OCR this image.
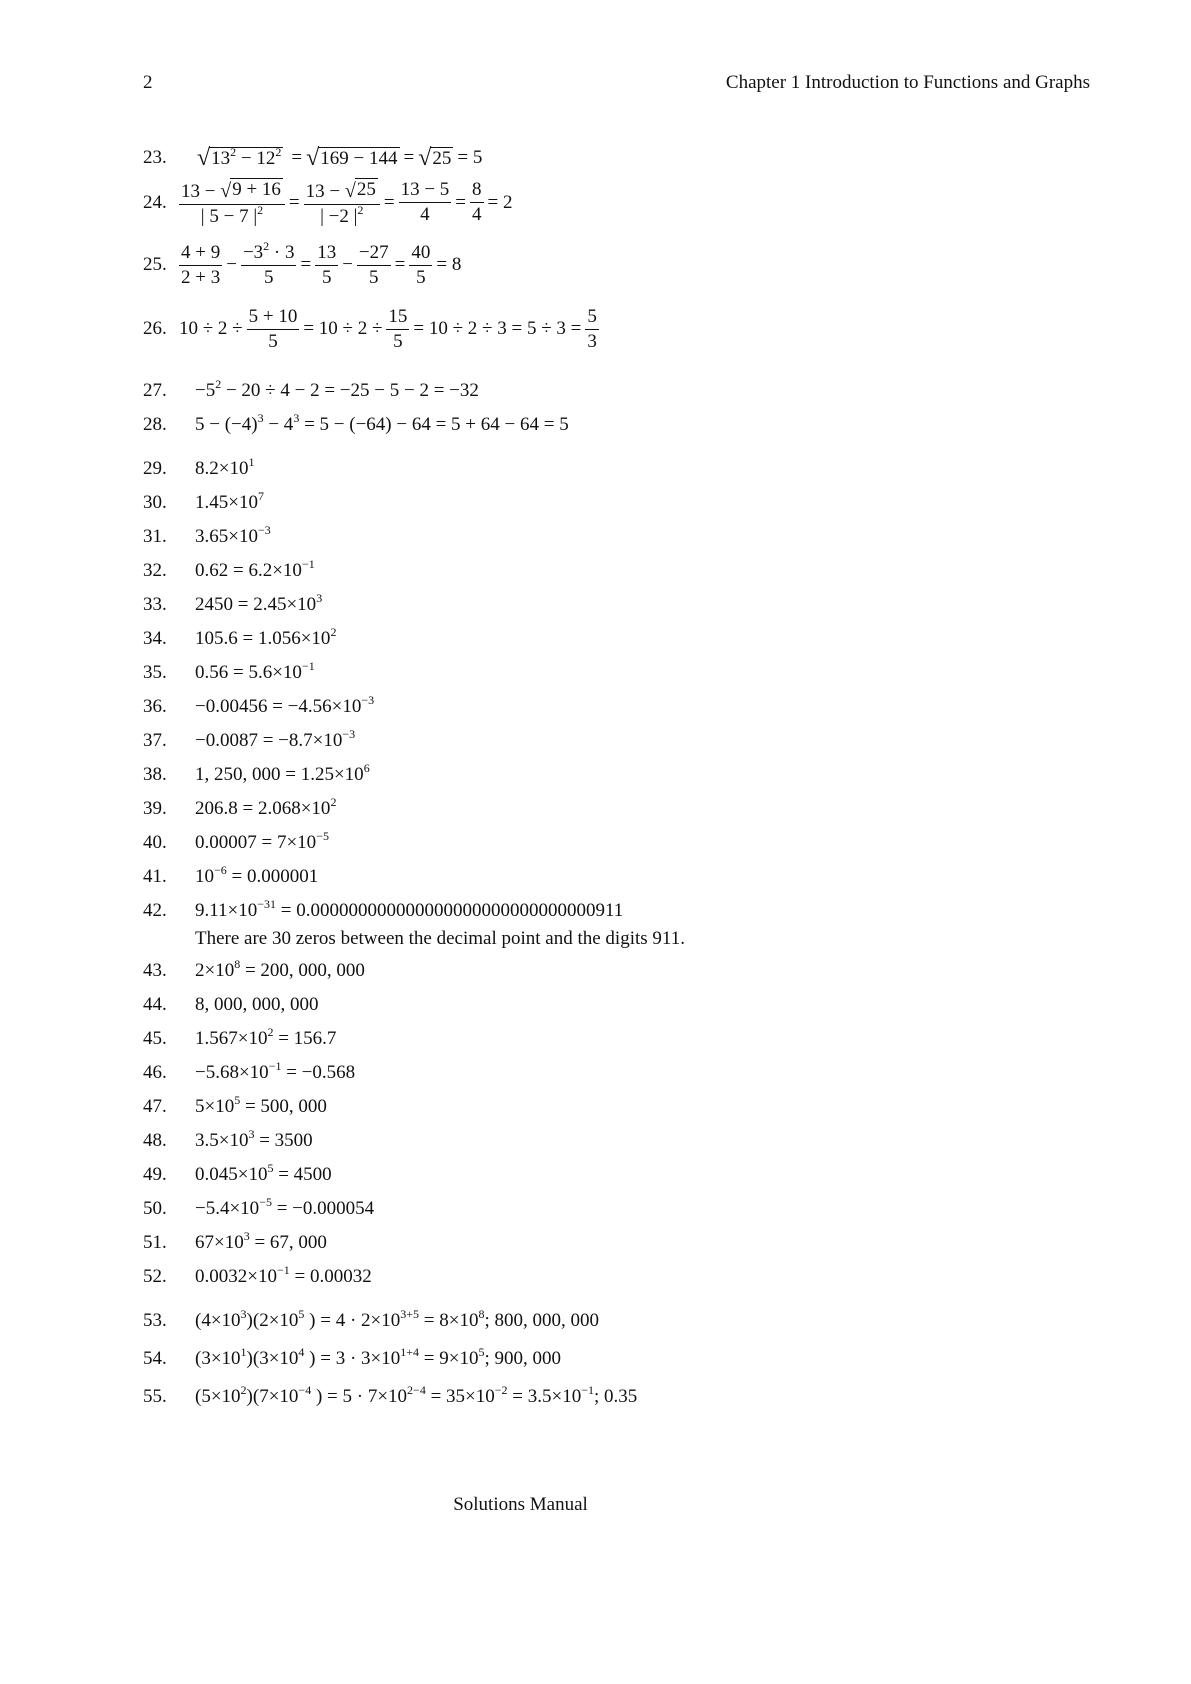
2	Chapter 1 Introduction to Functions and Graphs
23.	√ $13^2 - 12^2$ = √ 169 − 144 = √ 25 = 5
24. $\frac{13 - √ 9 + 16}{| 5 - 7 |^2} = \frac{13 - √ 25}{| -2 |^2} = \frac{13 - 5}{4} = \frac{8}{4} = 2$
25. $\frac{4 + 9}{2 + 3} - \frac{-3^2 \cdot 3}{5} = \frac{13}{5} - \frac{-27}{5} = \frac{40}{5} = 8$
26. $10 \div 2 \div \frac{5 + 10}{5} = 10 \div 2 \div \frac{15}{5} = 10 \div 2 \div 3 = 5 \div 3 = \frac{5}{3}$
27.	$-5^2 - 20 \div 4 - 2 = -25 - 5 - 2 = -32$
28.	$5 - (-4)^3 - 4^3 = 5 - (-64) - 64 = 5 + 64 - 64 = 5$
29.	$8.2\times 10^1$
30.	$1.45\times 10^7$
31.	$3.65\times 10^{-3}$
32.	$0.62 = 6.2\times 10^{-1}$
33.	$2450 = 2.45\times 10^3$
34.	$105.6 = 1.056\times 10^2$
35.	$0.56 = 5.6\times 10^{-1}$
36.	$-0.00456 = -4.56\times 10^{-3}$
37.	$-0.0087 = -8.7\times 10^{-3}$
38.	1, 250, $000 = 1.25\times 10^6$
39.	$206.8 = 2.068\times 10^2$
40.	$0.00007 = 7\times 10^{-5}$
41.	$10^{-6} = 0.000001$
42.	$9.11\times 10^{-31} = 0.000000000000000000000000000000911$
43.	$2\times 10^8 = 200$, 000, 000
44.	8, 000, 000, 000
45.	$1.567\times 10^2 = 156.7$
46.	$-5.68\times 10^{-1} = -0.568$
47.	$5\times 10^5 = 500$, 000
48.	$3.5\times 10^3 = 3500$
49.	$0.045\times 10^5 = 4500$
50.	$-5.4\times 10^{-5} = -0.000054$
51.	$67\times 10^3 = 67$, 000
52.	$0.0032\times 10^{-1} = 0.00032$
There are 30 zeros between the decimal point and the digits 911.
53.	$(4\times 10^3)(2\times 10^5$ ) = $4 \cdot 2\times 10^{3+5} = 8\times 10^8$; 800, 000, 000
54.	$(3\times 10^1)(3\times 10^4$ ) = $3 \cdot 3\times 10^{1+4} = 9\times 10^5$; 900, 000
55.	$(5\times 10^2)(7\times 10^{-4}$ ) = $5 \cdot 7\times 10^{2-4} = 35\times 10^{-2} = 3.5\times 10^{-1}$; 0.35
Solutions Manual
